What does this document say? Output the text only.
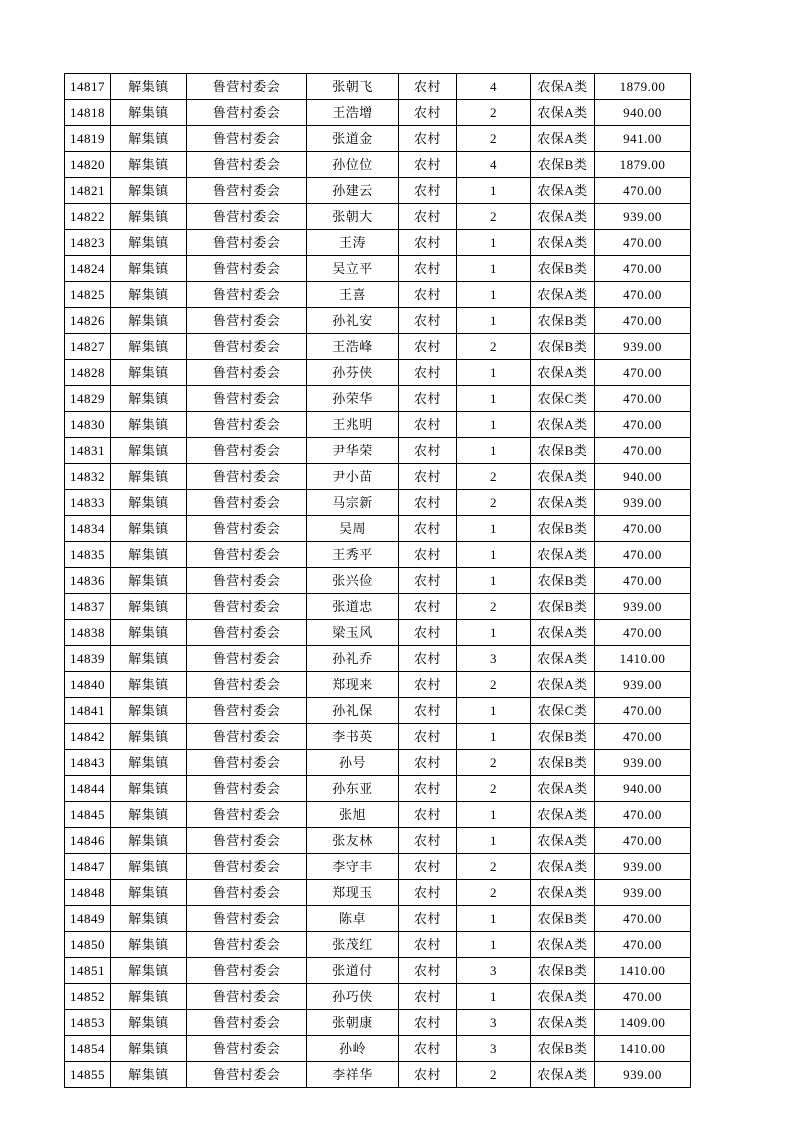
14817	解集镇	鲁营村委会	张朝飞	农村	4	农保A类	1879.00
14818	解集镇	鲁营村委会	王浩增	农村	2	农保A类	940.00
14819	解集镇	鲁营村委会	张道金	农村	2	农保A类	941.00
14820	解集镇	鲁营村委会	孙位位	农村	4	农保B类	1879.00
14821	解集镇	鲁营村委会	孙建云	农村	1	农保A类	470.00
14822	解集镇	鲁营村委会	张朝大	农村	2	农保A类	939.00
14823	解集镇	鲁营村委会	王涛	农村	1	农保A类	470.00
14824	解集镇	鲁营村委会	吴立平	农村	1	农保B类	470.00
14825	解集镇	鲁营村委会	王喜	农村	1	农保A类	470.00
14826	解集镇	鲁营村委会	孙礼安	农村	1	农保B类	470.00
14827	解集镇	鲁营村委会	王浩峰	农村	2	农保B类	939.00
14828	解集镇	鲁营村委会	孙芬侠	农村	1	农保A类	470.00
14829	解集镇	鲁营村委会	孙荣华	农村	1	农保C类	470.00
14830	解集镇	鲁营村委会	王兆明	农村	1	农保A类	470.00
14831	解集镇	鲁营村委会	尹华荣	农村	1	农保B类	470.00
14832	解集镇	鲁营村委会	尹小苗	农村	2	农保A类	940.00
14833	解集镇	鲁营村委会	马宗新	农村	2	农保A类	939.00
14834	解集镇	鲁营村委会	吴周	农村	1	农保B类	470.00
14835	解集镇	鲁营村委会	王秀平	农村	1	农保A类	470.00
14836	解集镇	鲁营村委会	张兴俭	农村	1	农保B类	470.00
14837	解集镇	鲁营村委会	张道忠	农村	2	农保B类	939.00
14838	解集镇	鲁营村委会	梁玉风	农村	1	农保A类	470.00
14839	解集镇	鲁营村委会	孙礼乔	农村	3	农保A类	1410.00
14840	解集镇	鲁营村委会	郑现来	农村	2	农保A类	939.00
14841	解集镇	鲁营村委会	孙礼保	农村	1	农保C类	470.00
14842	解集镇	鲁营村委会	李书英	农村	1	农保B类	470.00
14843	解集镇	鲁营村委会	孙号	农村	2	农保B类	939.00
14844	解集镇	鲁营村委会	孙东亚	农村	2	农保A类	940.00
14845	解集镇	鲁营村委会	张旭	农村	1	农保A类	470.00
14846	解集镇	鲁营村委会	张友林	农村	1	农保A类	470.00
14847	解集镇	鲁营村委会	李守丰	农村	2	农保A类	939.00
14848	解集镇	鲁营村委会	郑现玉	农村	2	农保A类	939.00
14849	解集镇	鲁营村委会	陈卓	农村	1	农保B类	470.00
14850	解集镇	鲁营村委会	张茂红	农村	1	农保A类	470.00
14851	解集镇	鲁营村委会	张道付	农村	3	农保B类	1410.00
14852	解集镇	鲁营村委会	孙巧侠	农村	1	农保A类	470.00
14853	解集镇	鲁营村委会	张朝康	农村	3	农保A类	1409.00
14854	解集镇	鲁营村委会	孙岭	农村	3	农保B类	1410.00
14855	解集镇	鲁营村委会	李祥华	农村	2	农保A类	939.00
